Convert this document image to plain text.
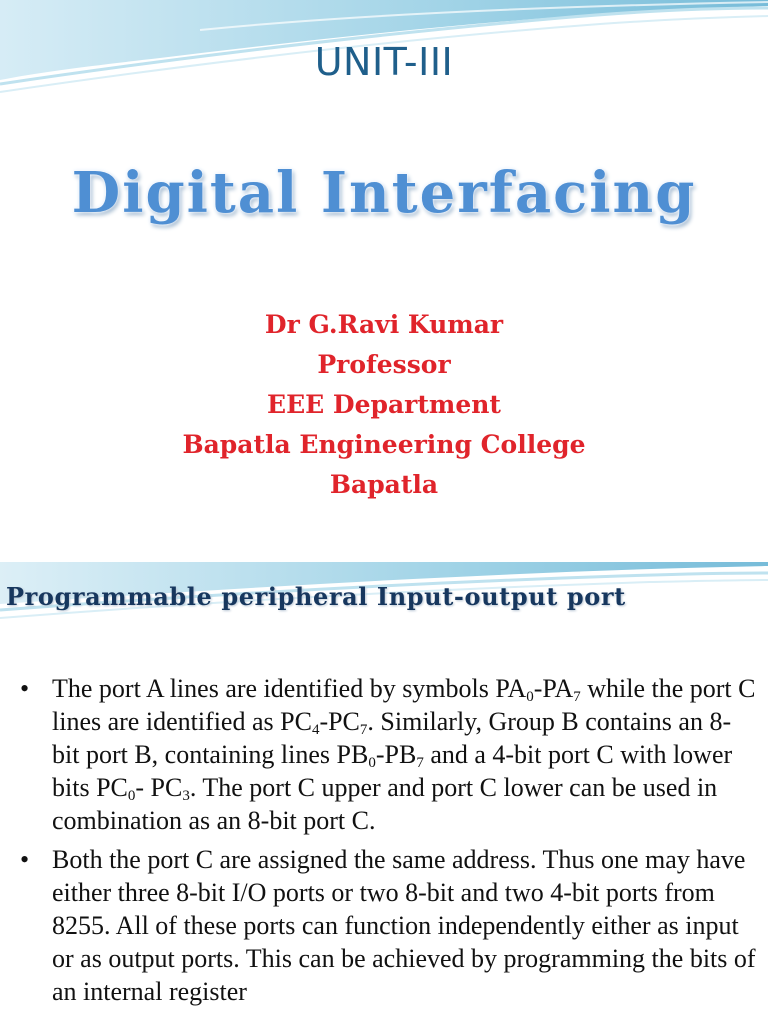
UNIT-III
Digital Interfacing
Dr G.Ravi Kumar
Professor
EEE Department
Bapatla Engineering College
Bapatla
Programmable peripheral Input-output port
• The port A lines are identified by symbols $PA_0-PA_7$ while the port C lines are identified as $PC_4-PC_7$. Similarly, Group B contains an 8-bit port B, containing lines $PB_0-PB_7$ and a 4-bit port C with lower bits $PC_0-$ $PC_3$. The port C upper and port C lower can be used in combination as an 8-bit port C.
• Both the port C are assigned the same address. Thus one may have either three 8-bit I/O ports or two 8-bit and two 4-bit ports from 8255. All of these ports can function independently either as input or as output ports. This can be achieved by programming the bits of an internal register
